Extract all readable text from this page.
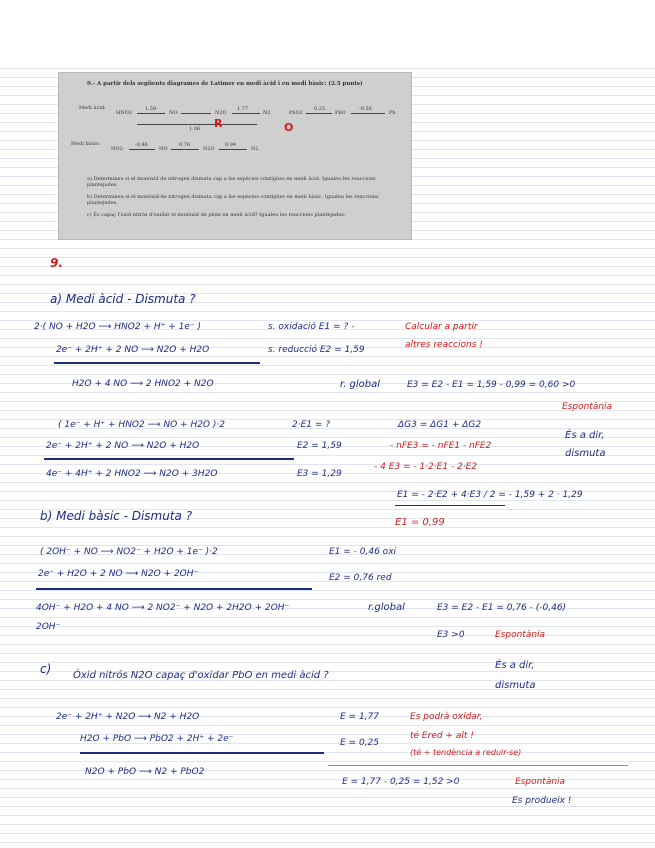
9.- A partir dels segiients diagrames de Latimer en medi àcid i en medi bàsic: (2.5 punts)
Medi àcid:
HNO2
1.59
NO	N2O
1.77
N2
1.06
PbO2
0.25
PbO
-0.58
Pb
R	O
Medi bàsic:
NO2-
-0.46
NO
0.76
N2O
0.94
N2
a) Determineu si el monòxid de nitrogen dismuta cap a les espècies contígües en medi àcid. Igualeu les reaccions plantejades.
b) Determineu si el monòxid de nitrogen dismuta cap a les espècies contígües en medi bàsic. Igualeu les reaccions plantejades.
c) És capaç l'òxid nitrós d'oxidar el monòxid de plom en medi àcid? Igualeu les reaccions plantejades.
9.
a) Medi àcid - Dismuta ?
2·( NO + H2O ⟶ HNO2 + H⁺ + 1e⁻ )	s. oxidació E1 = ? -	Calcular a partir
2e⁻ + 2H⁺ + 2 NO ⟶ N2O + H2O	s. reducció E2 = 1,59	altres reaccions !
H2O + 4 NO ⟶ 2 HNO2 + N2O	r. global	E3 = E2 - E1 = 1,59 - 0,99 = 0,60 >0
Espontània
És a dir,
dismuta
( 1e⁻ + H⁺ + HNO2 ⟶ NO + H2O )·2	2·E1 = ?	ΔG3 = ΔG1 + ΔG2
2e⁻ + 2H⁺ + 2 NO ⟶ N2O + H2O	E2 = 1,59	- nFE3 = - nFE1 - nFE2
4e⁻ + 4H⁺ + 2 HNO2 ⟶ N2O + 3H2O	E3 = 1,29
- 4 E3 = - 1·2·E1 - 2·E2
E1 = - 2·E2 + 4·E3 / 2 = - 1,59 + 2 · 1,29
E1 = 0,99
b) Medi bàsic - Dismuta ?
( 2OH⁻ + NO ⟶ NO2⁻ + H2O + 1e⁻ )·2	E1 = - 0,46 oxi
2e⁻ + H2O + 2 NO ⟶ N2O + 2OH⁻	E2 = 0,76 red
4OH⁻ + H2O + 4 NO ⟶ 2 NO2⁻ + N2O + 2H2O + 2OH⁻	r.global	E3 = E2 - E1 = 0,76 - (-0,46)
2OH⁻
E3 >0	Espontània
És a dir,
dismuta
c) Òxid nitrós N2O capaç d'oxidar PbO en medi àcid ?
2e⁻ + 2H⁺ + N2O ⟶ N2 + H2O	E = 1,77	Es podrà oxidar,
H2O + PbO ⟶ PbO2 + 2H⁺ + 2e⁻	E = 0,25
té Ered + alt !
(té + tendència a reduir-se)
N2O + PbO ⟶ N2 + PbO2
E = 1,77 - 0,25 = 1,52 >0	Espontània
Es produeix !
